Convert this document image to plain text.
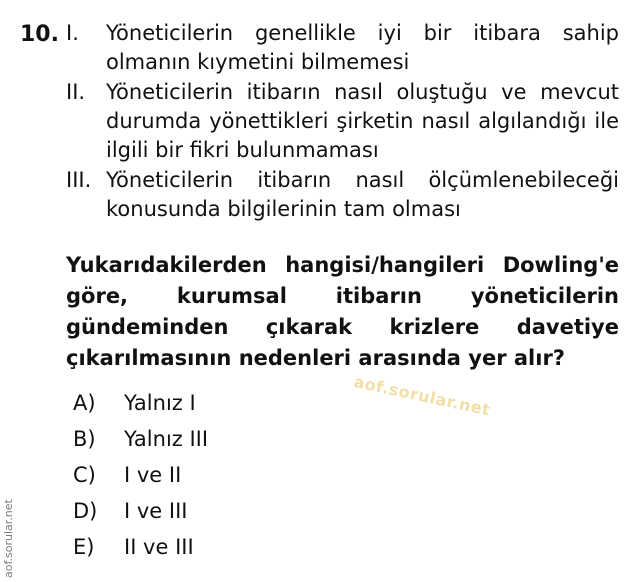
10. I. Yöneticilerin genellikle iyi bir itibara sahip olmanın kıymetini bilmemesi
II. Yöneticilerin itibarın nasıl oluştuğu ve mevcut durumda yönettikleri şirketin nasıl algılandığı ile ilgili bir fikri bulunmaması
III. Yöneticilerin itibarın nasıl ölçümlenebileceği konusunda bilgilerinin tam olması
Yukarıdakilerden hangisi/hangileri Dowling'e göre, kurumsal itibarın yöneticilerin gündeminden çıkarak krizlere davetiye çıkarılmasının nedenleri arasında yer alır?
aof.sorular.net
A) Yalnız I
B) Yalnız III
C) I ve II
D) I ve III
E) II ve III
aof.sorular.net
